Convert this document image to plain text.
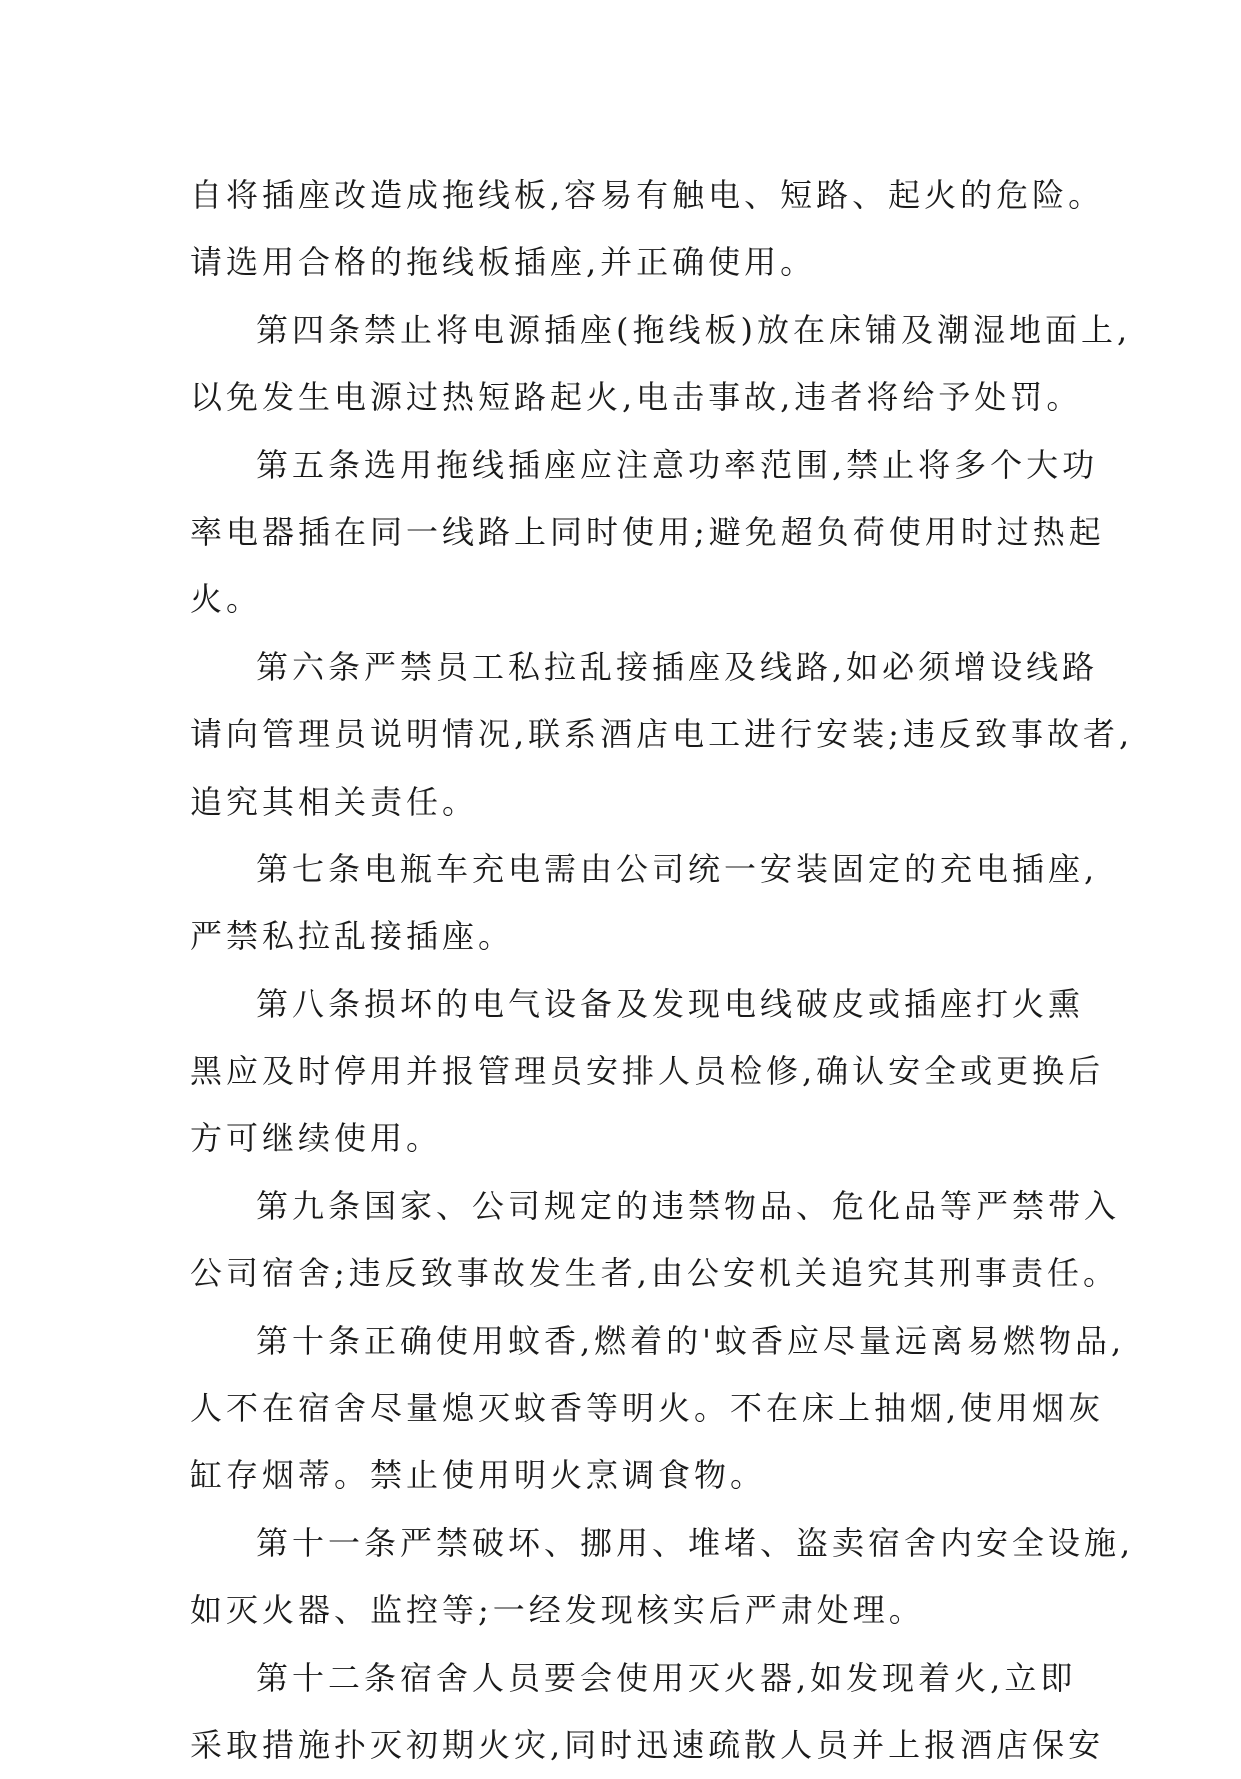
自将插座改造成拖线板,容易有触电、短路、起火的危险。
请选用合格的拖线板插座,并正确使用。
第四条禁止将电源插座(拖线板)放在床铺及潮湿地面上,
以免发生电源过热短路起火,电击事故,违者将给予处罚。
第五条选用拖线插座应注意功率范围,禁止将多个大功
率电器插在同一线路上同时使用;避免超负荷使用时过热起
火。
第六条严禁员工私拉乱接插座及线路,如必须增设线路
请向管理员说明情况,联系酒店电工进行安装;违反致事故者,
追究其相关责任。
第七条电瓶车充电需由公司统一安装固定的充电插座,
严禁私拉乱接插座。
第八条损坏的电气设备及发现电线破皮或插座打火熏
黑应及时停用并报管理员安排人员检修,确认安全或更换后
方可继续使用。
第九条国家、公司规定的违禁物品、危化品等严禁带入
公司宿舍;违反致事故发生者,由公安机关追究其刑事责任。
第十条正确使用蚊香,燃着的'蚊香应尽量远离易燃物品,
人不在宿舍尽量熄灭蚊香等明火。不在床上抽烟,使用烟灰
缸存烟蒂。禁止使用明火烹调食物。
第十一条严禁破坏、挪用、堆堵、盗卖宿舍内安全设施,
如灭火器、监控等;一经发现核实后严肃处理。
第十二条宿舍人员要会使用灭火器,如发现着火,立即
采取措施扑灭初期火灾,同时迅速疏散人员并上报酒店保安
